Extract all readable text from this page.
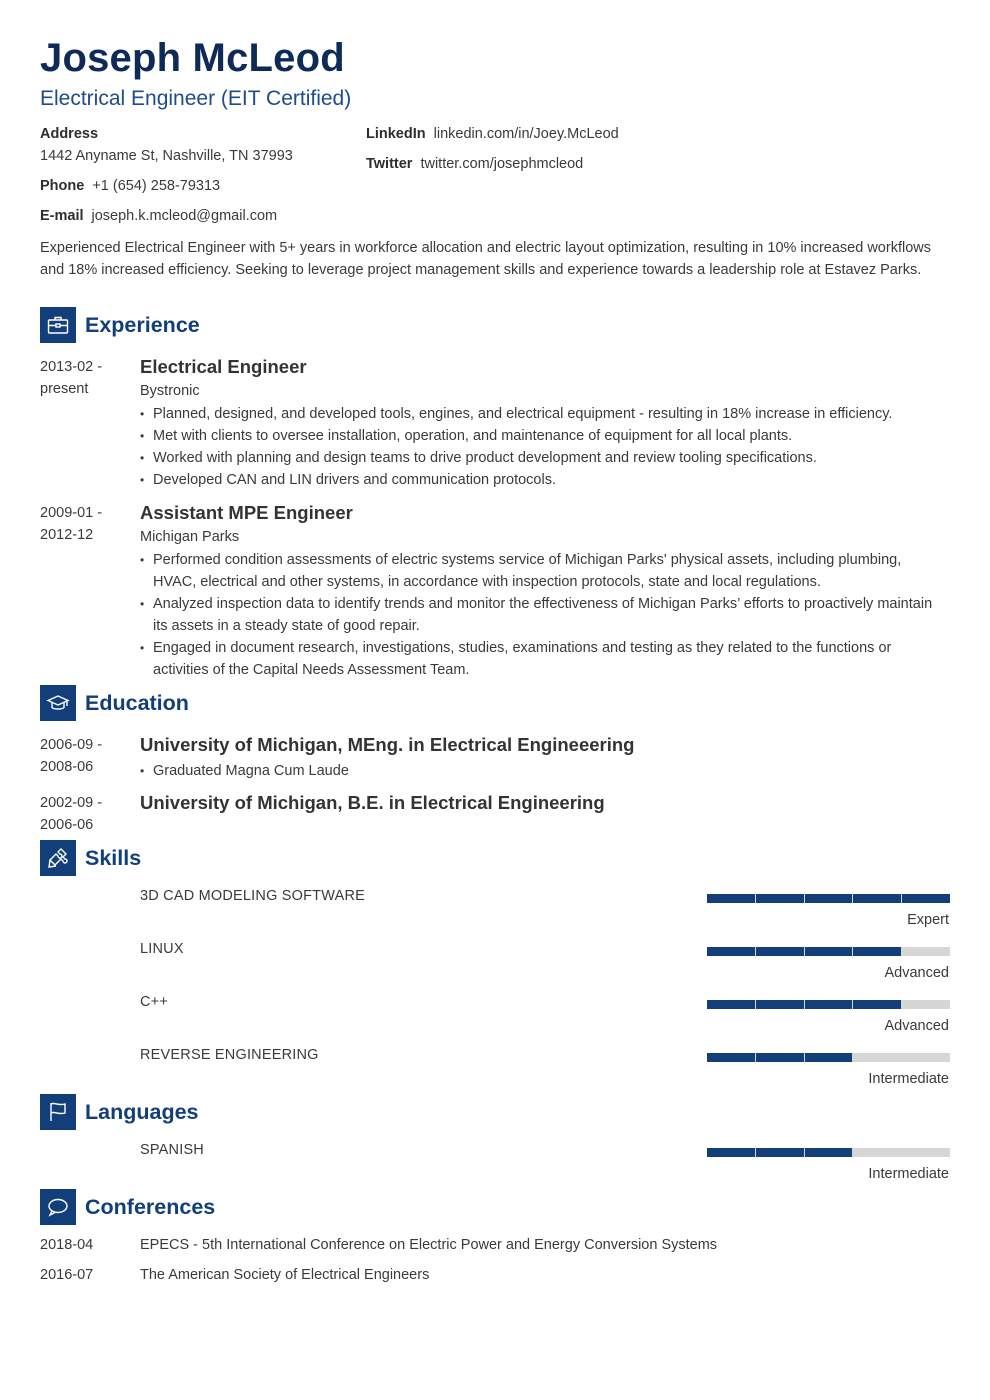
Joseph McLeod
Electrical Engineer (EIT Certified)
Address
1442 Anyname St, Nashville, TN 37993
Phone +1 (654) 258-79313
E-mail joseph.k.mcleod@gmail.com
LinkedIn linkedin.com/in/Joey.McLeod
Twitter twitter.com/josephmcleod
Experienced Electrical Engineer with 5+ years in workforce allocation and electric layout optimization, resulting in 10% increased workflows and 18% increased efficiency. Seeking to leverage project management skills and experience towards a leadership role at Estavez Parks.
Experience
2013-02 -
present
Electrical Engineer
Bystronic
• Planned, designed, and developed tools, engines, and electrical equipment - resulting in 18% increase in efficiency.
• Met with clients to oversee installation, operation, and maintenance of equipment for all local plants.
• Worked with planning and design teams to drive product development and review tooling specifications.
• Developed CAN and LIN drivers and communication protocols.
2009-01 -
2012-12
Assistant MPE Engineer
Michigan Parks
• Performed condition assessments of electric systems service of Michigan Parks' physical assets, including plumbing, HVAC, electrical and other systems, in accordance with inspection protocols, state and local regulations.
• Analyzed inspection data to identify trends and monitor the effectiveness of Michigan Parks’ efforts to proactively maintain its assets in a steady state of good repair.
• Engaged in document research, investigations, studies, examinations and testing as they related to the functions or activities of the Capital Needs Assessment Team.
Education
2006-09 -
2008-06
University of Michigan, MEng. in Electrical Engineeering
• Graduated Magna Cum Laude
2002-09 -
2006-06
University of Michigan, B.E. in Electrical Engineering
Skills
3D CAD MODELING SOFTWARE
Expert
LINUX
Advanced
C++
Advanced
REVERSE ENGINEERING
Intermediate
Languages
SPANISH
Intermediate
Conferences
2018-04	EPECS - 5th International Conference on Electric Power and Energy Conversion Systems
2016-07	The American Society of Electrical Engineers
